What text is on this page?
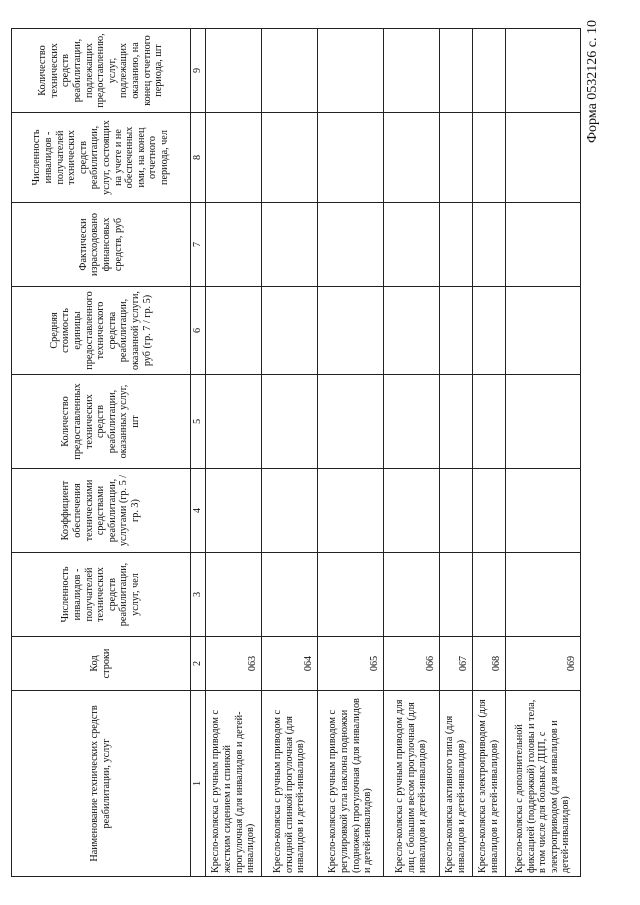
Форма 0532126 с. 10
Наименование технических средств реабилитации, услуг	Код строки	Численность инвалидов - получателей технических средств реабилитации, услуг, чел	Коэффициент обеспечения техническими средствами реабилитации, услугами (гр. 5 / гр. 3)	Количество предоставленных технических средств реабилитации, оказанных услуг, шт	Средняя стоимость единицы предоставленного технического средства реабилитации, оказанной услуги, руб (гр. 7 / гр. 5)	Фактически израсходовано финансовых средств, руб	Численность инвалидов - получателей технических средств реабилитации, услуг, состоящих на учете и не обеспеченных ими, на конец отчетного периода, чел	Количество технических средств реабилитации, подлежащих предоставлению, услуг, подлежащих оказанию, на конец отчетного периода, шт
1	2	3	4	5	6	7	8	9
Кресло-коляска с ручным приводом с жестким сидением и спинкой прогулочная (для инвалидов и детей-инвалидов)	063							
Кресло-коляска с ручным приводом с откидной спинкой прогулочная (для инвалидов и детей-инвалидов)	064							
Кресло-коляска с ручным приводом с регулировкой угла наклона подножки (подножек) прогулочная (для инвалидов и детей-инвалидов)	065							
Кресло-коляска с ручным приводом для лиц с большим весом прогулочная (для инвалидов и детей-инвалидов)	066							
Кресло-коляска активного типа (для инвалидов и детей-инвалидов)	067							
Кресло-коляска с электроприводом (для инвалидов и детей-инвалидов)	068							
Кресло-коляска с дополнительной фиксацией (поддержкой) головы и тела, в том числе для больных ДЦП, с электроприводом (для инвалидов и детей-инвалидов)	069							
